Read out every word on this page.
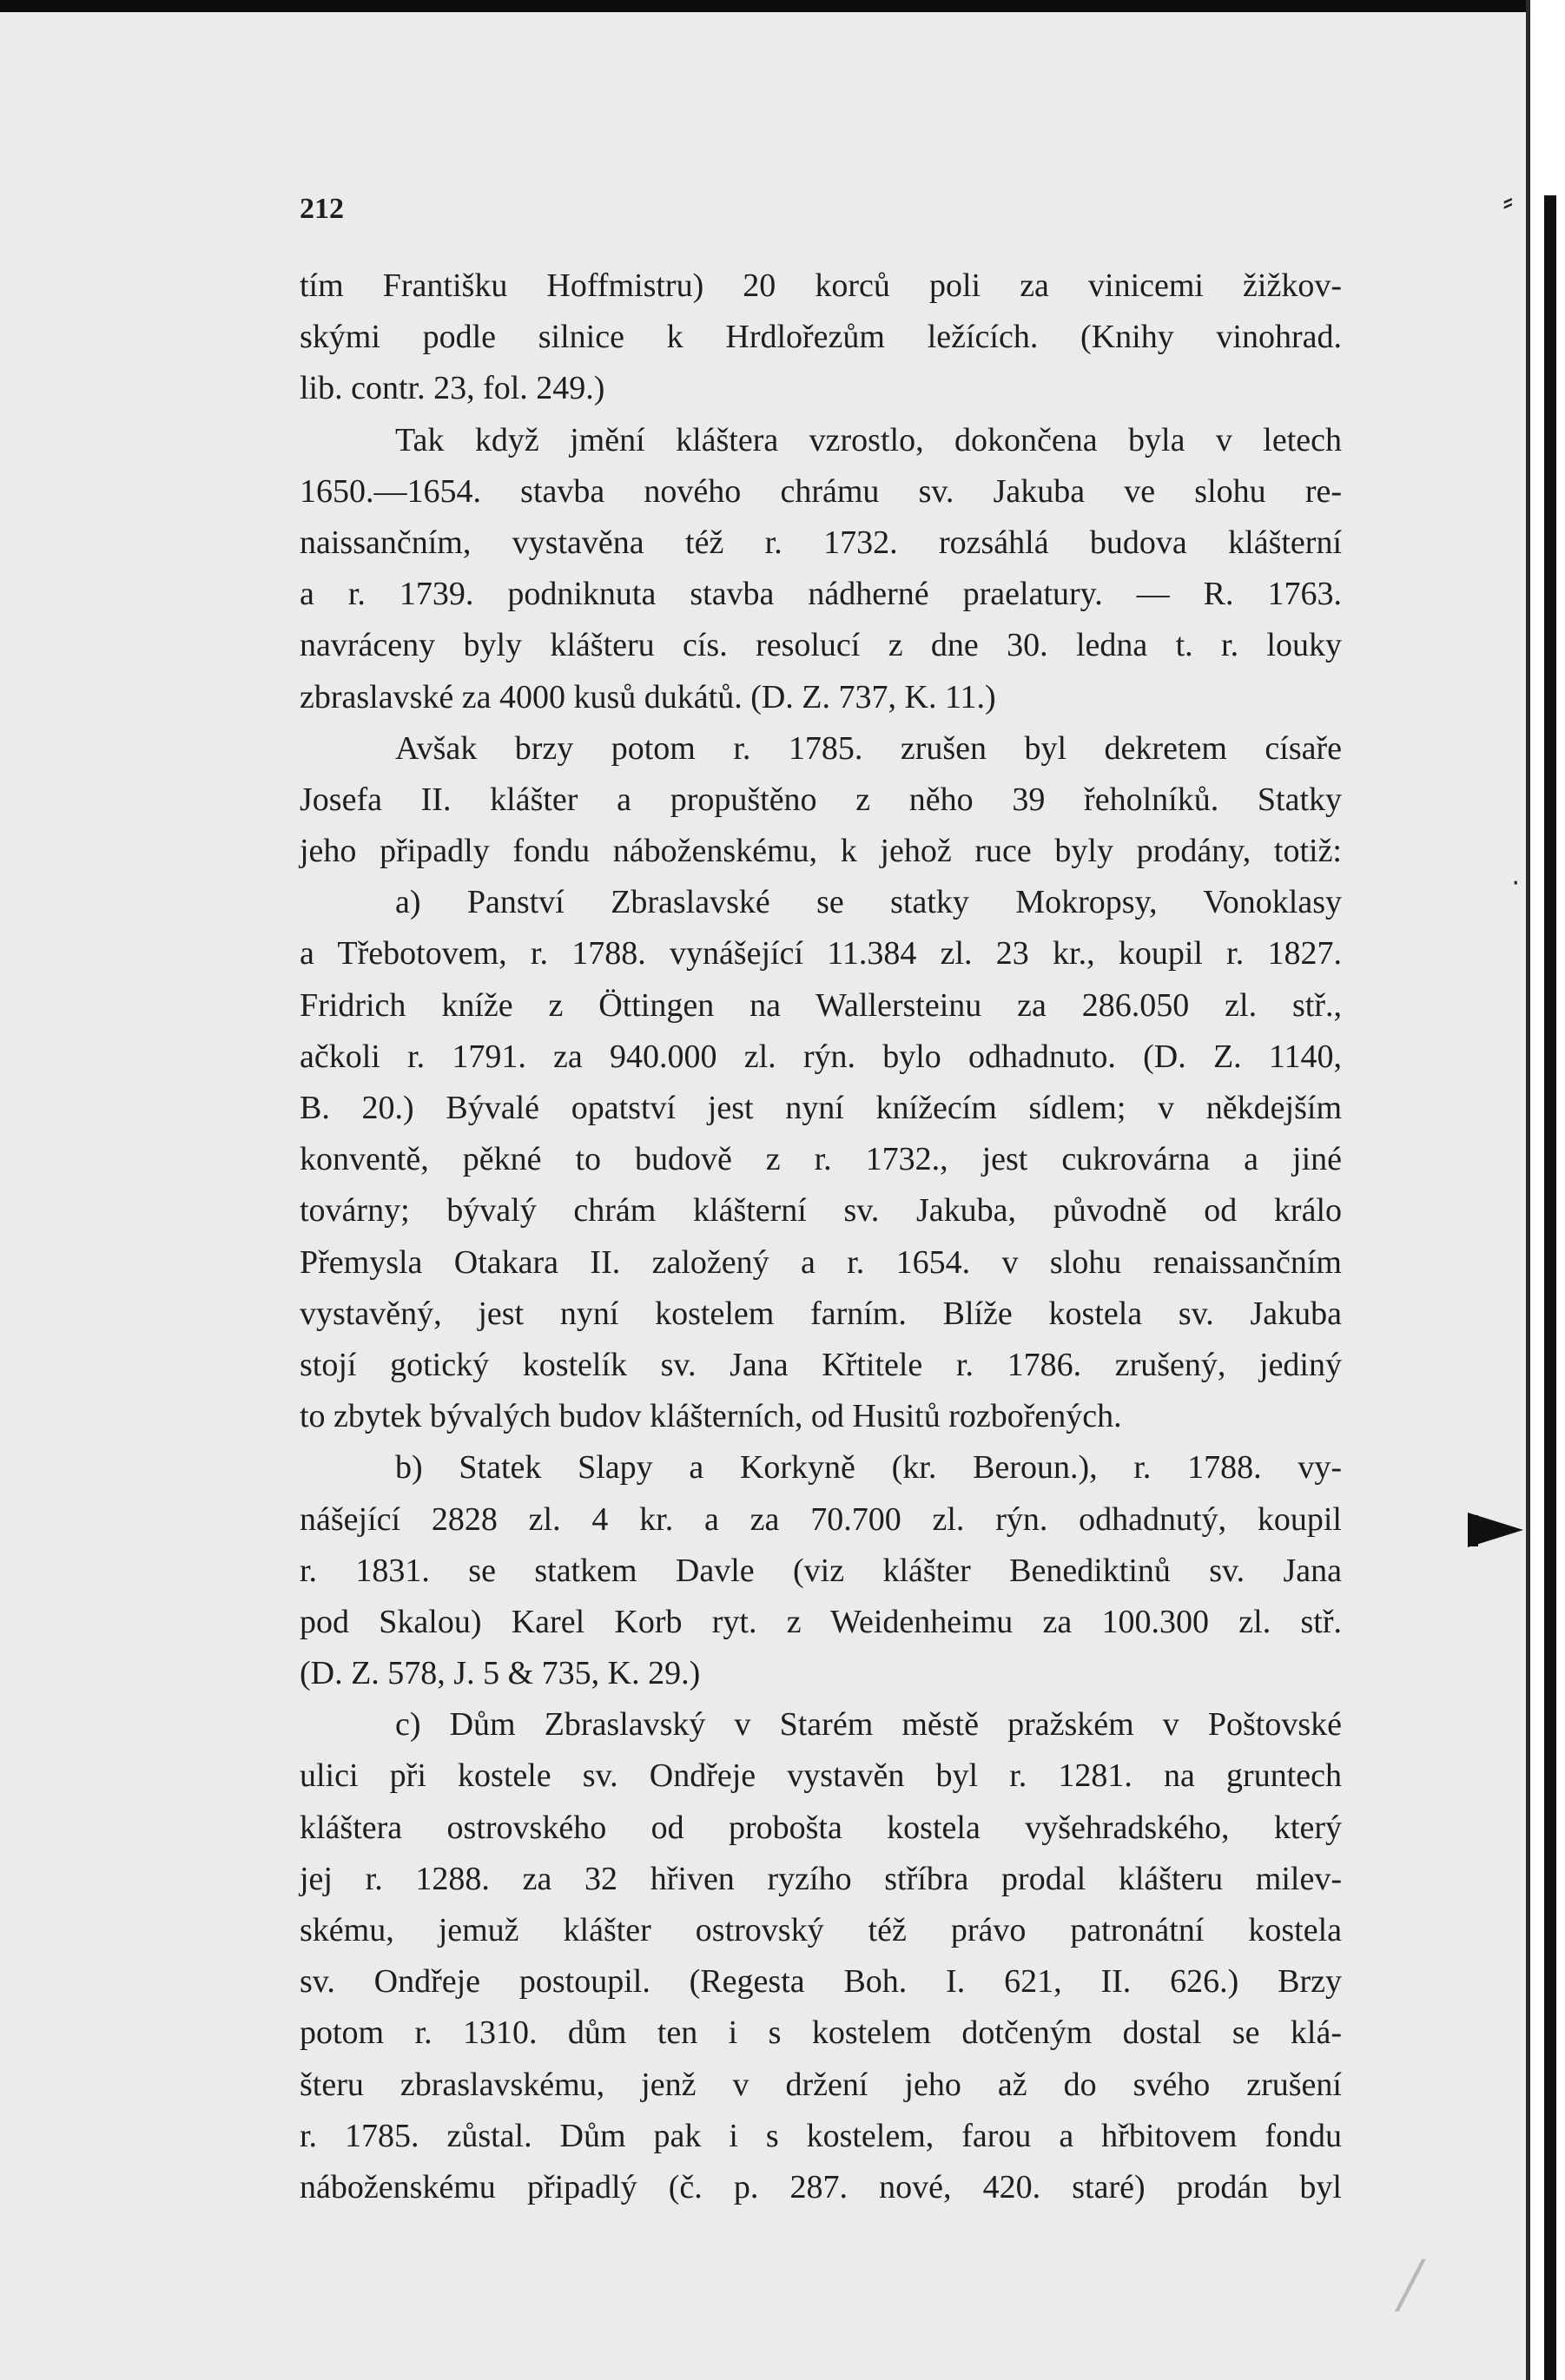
⸗
·
/
212
tím Františku Hoffmistru) 20 korců poli za vinicemi žižkov-
skými podle silnice k Hrdlořezům ležících. (Knihy vinohrad.
lib. contr. 23, fol. 249.)
Tak když jmění kláštera vzrostlo, dokončena byla v letech
1650.—1654. stavba nového chrámu sv. Jakuba ve slohu re-
naissančním, vystavěna též r. 1732. rozsáhlá budova klášterní
a r. 1739. podniknuta stavba nádherné praelatury. — R. 1763.
navráceny byly klášteru cís. resolucí z dne 30. ledna t. r. louky
zbraslavské za 4000 kusů dukátů. (D. Z. 737, K. 11.)
Avšak brzy potom r. 1785. zrušen byl dekretem císaře
Josefa II. klášter a propuštěno z něho 39 řeholníků. Statky
jeho připadly fondu náboženskému, k jehož ruce byly prodány, totiž:
a) Panství Zbraslavské se statky Mokropsy, Vonoklasy
a Třebotovem, r. 1788. vynášející 11.384 zl. 23 kr., koupil r. 1827.
Fridrich kníže z Öttingen na Wallersteinu za 286.050 zl. stř.,
ačkoli r. 1791. za 940.000 zl. rýn. bylo odhadnuto. (D. Z. 1140,
B. 20.) Bývalé opatství jest nyní knížecím sídlem; v někdejším
konventě, pěkné to budově z r. 1732., jest cukrovárna a jiné
továrny; bývalý chrám klášterní sv. Jakuba, původně od králo
Přemysla Otakara II. založený a r. 1654. v slohu renaissančním
vystavěný, jest nyní kostelem farním. Blíže kostela sv. Jakuba
stojí gotický kostelík sv. Jana Křtitele r. 1786. zrušený, jediný
to zbytek bývalých budov klášterních, od Husitů rozbořených.
b) Statek Slapy a Korkyně (kr. Beroun.), r. 1788. vy-
nášející 2828 zl. 4 kr. a za 70.700 zl. rýn. odhadnutý, koupil
r. 1831. se statkem Davle (viz klášter Benediktinů sv. Jana
pod Skalou) Karel Korb ryt. z Weidenheimu za 100.300 zl. stř.
(D. Z. 578, J. 5 & 735, K. 29.)
c) Dům Zbraslavský v Starém městě pražském v Poštovské
ulici při kostele sv. Ondřeje vystavěn byl r. 1281. na gruntech
kláštera ostrovského od probošta kostela vyšehradského, který
jej r. 1288. za 32 hřiven ryzího stříbra prodal klášteru milev-
skému, jemuž klášter ostrovský též právo patronátní kostela
sv. Ondřeje postoupil. (Regesta Boh. I. 621, II. 626.) Brzy
potom r. 1310. dům ten i s kostelem dotčeným dostal se klá-
šteru zbraslavskému, jenž v držení jeho až do svého zrušení
r. 1785. zůstal. Dům pak i s kostelem, farou a hřbitovem fondu
náboženskému připadlý (č. p. 287. nové, 420. staré) prodán byl
